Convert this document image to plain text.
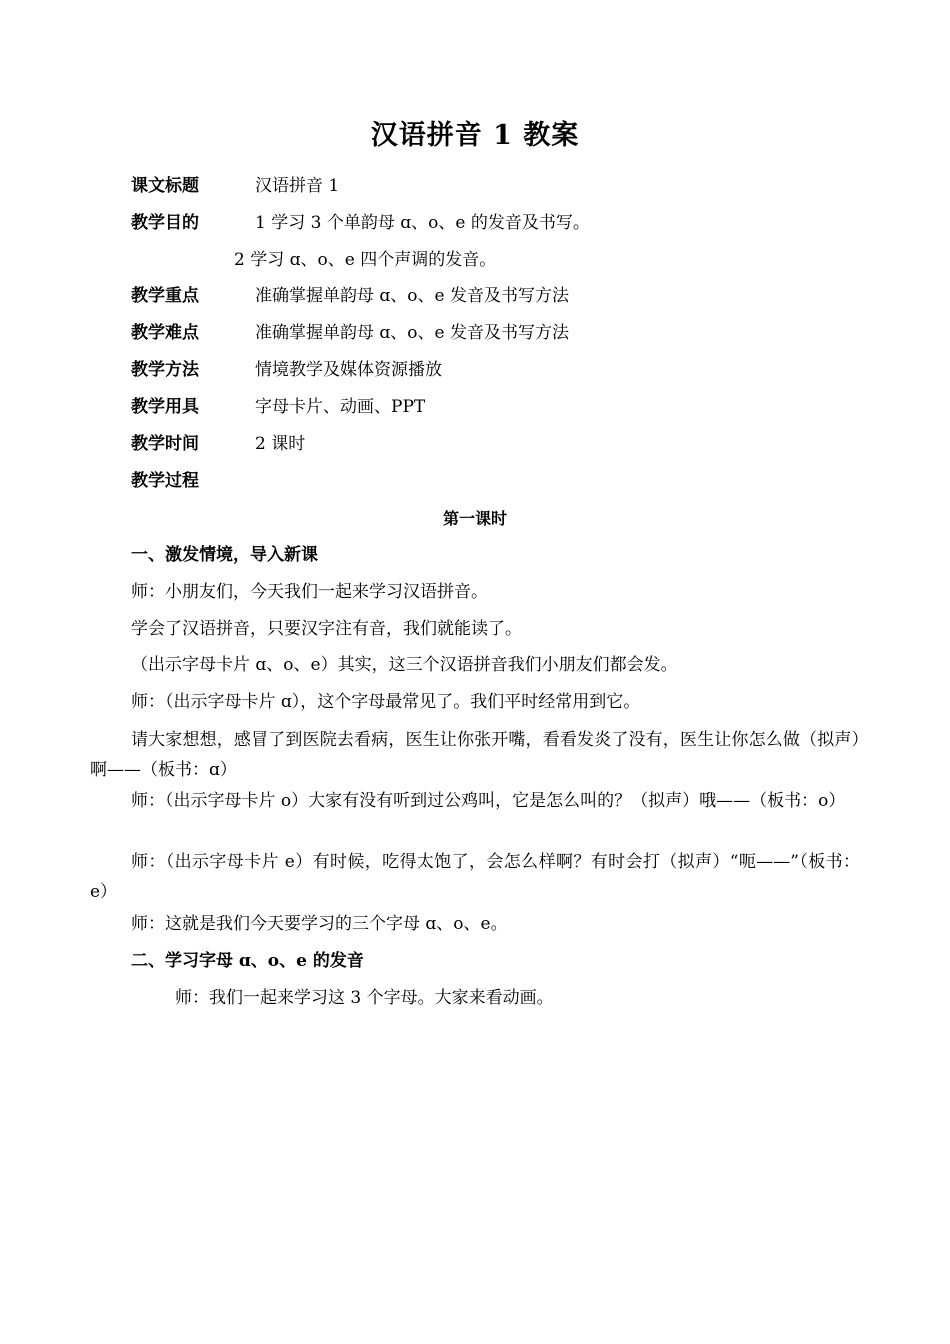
汉语拼音 1 教案
课文标题	汉语拼音 1
教学目的	1 学习 3 个单韵母 ɑ、o、e 的发音及书写。
2 学习 ɑ、o、e 四个声调的发音。
教学重点	准确掌握单韵母 ɑ、o、e 发音及书写方法
教学难点	准确掌握单韵母 ɑ、o、e 发音及书写方法
教学方法	情境教学及媒体资源播放
教学用具	字母卡片、动画、PPT
教学时间	2 课时
教学过程
第一课时
一、激发情境，导入新课
师：小朋友们，今天我们一起来学习汉语拼音。
学会了汉语拼音，只要汉字注有音，我们就能读了。
（出示字母卡片 ɑ、o、e）其实，这三个汉语拼音我们小朋友们都会发。
师：（出示字母卡片 ɑ），这个字母最常见了。我们平时经常用到它。
请大家想想，感冒了到医院去看病，医生让你张开嘴，看看发炎了没有，医生让你怎么做（拟声）啊——（板书：ɑ）
师：（出示字母卡片 o）大家有没有听到过公鸡叫，它是怎么叫的？（拟声）哦——（板书：o）
师：（出示字母卡片 e）有时候，吃得太饱了，会怎么样啊？有时会打（拟声）“呃——”（板书：e）
师：这就是我们今天要学习的三个字母 ɑ、o、e。
二、学习字母 ɑ、o、e 的发音
师：我们一起来学习这 3 个字母。大家来看动画。
